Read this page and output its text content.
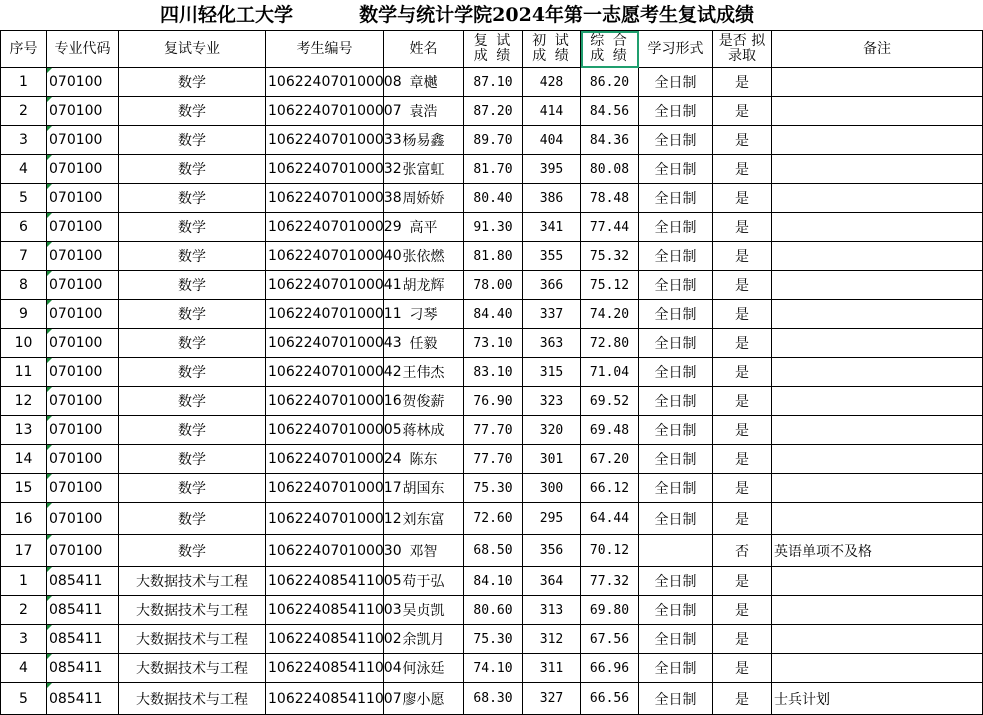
四川轻化工大学	数学与统计学院2024年第一志愿考生复试成绩
序号	专业代码	复试专业	考生编号	姓名	复 试 成 绩	初 试 成 绩	综 合 成 绩	学习形式	是否 拟录取	备注
1	070100	数学	106224070100008	章樾	87.10	428	86.20	全日制	是	
2	070100	数学	106224070100007	袁浩	87.20	414	84.56	全日制	是	
3	070100	数学	106224070100033	杨易鑫	89.70	404	84.36	全日制	是	
4	070100	数学	106224070100032	张富虹	81.70	395	80.08	全日制	是	
5	070100	数学	106224070100038	周娇娇	80.40	386	78.48	全日制	是	
6	070100	数学	106224070100029	高平	91.30	341	77.44	全日制	是	
7	070100	数学	106224070100040	张依燃	81.80	355	75.32	全日制	是	
8	070100	数学	106224070100041	胡龙辉	78.00	366	75.12	全日制	是	
9	070100	数学	106224070100011	刁琴	84.40	337	74.20	全日制	是	
10	070100	数学	106224070100043	任毅	73.10	363	72.80	全日制	是	
11	070100	数学	106224070100042	王伟杰	83.10	315	71.04	全日制	是	
12	070100	数学	106224070100016	贺俊薪	76.90	323	69.52	全日制	是	
13	070100	数学	106224070100005	蒋林成	77.70	320	69.48	全日制	是	
14	070100	数学	106224070100024	陈东	77.70	301	67.20	全日制	是	
15	070100	数学	106224070100017	胡国东	75.30	300	66.12	全日制	是	
16	070100	数学	106224070100012	刘东富	72.60	295	64.44	全日制	是	
17	070100	数学	106224070100030	邓智	68.50	356	70.12		否	英语单项不及格
1	085411	大数据技术与工程	106224085411005	苟于弘	84.10	364	77.32	全日制	是	
2	085411	大数据技术与工程	106224085411003	吴贞凯	80.60	313	69.80	全日制	是	
3	085411	大数据技术与工程	106224085411002	余凯月	75.30	312	67.56	全日制	是	
4	085411	大数据技术与工程	106224085411004	何泳廷	74.10	311	66.96	全日制	是	
5	085411	大数据技术与工程	106224085411007	廖小愿	68.30	327	66.56	全日制	是	士兵计划
